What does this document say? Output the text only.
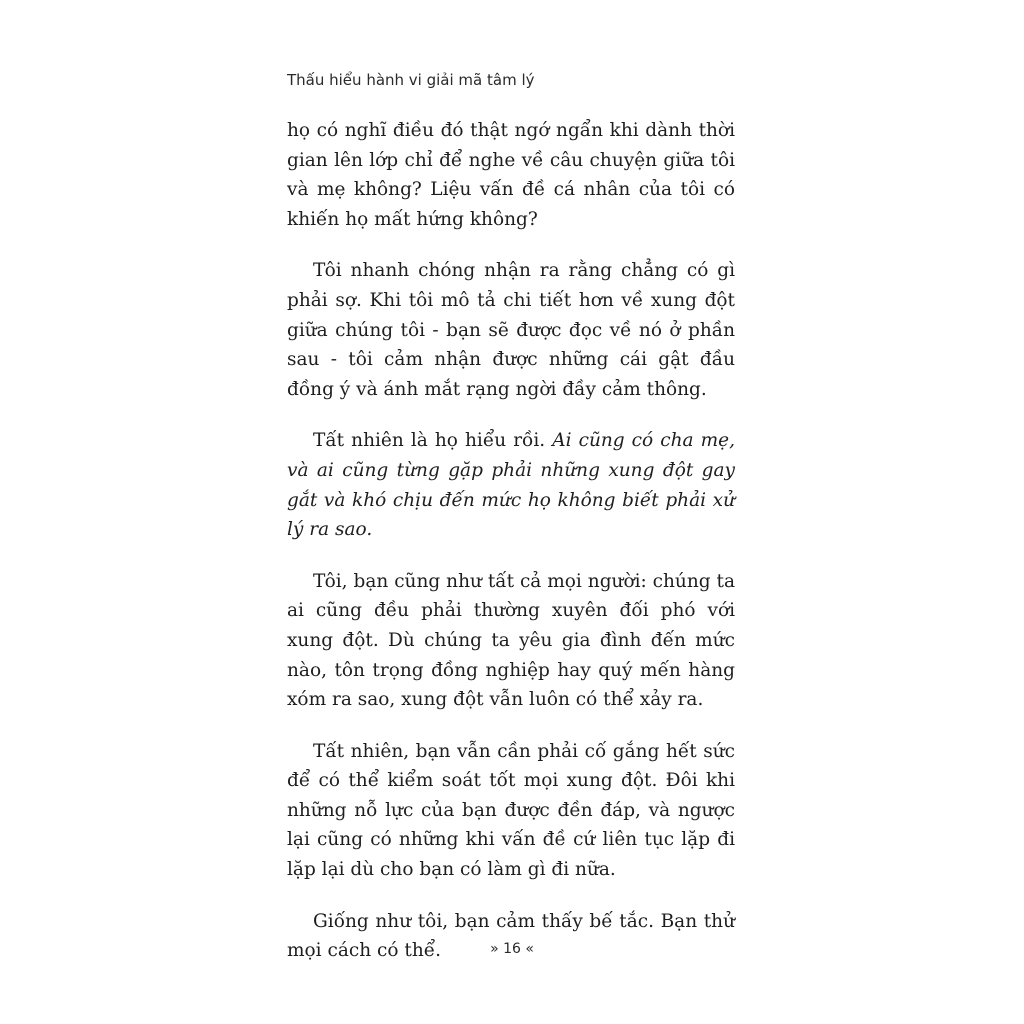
Thấu hiểu hành vi giải mã tâm lý

họ có nghĩ điều đó thật ngớ ngẩn khi dành thời gian lên lớp chỉ để nghe về câu chuyện giữa tôi và mẹ không? Liệu vấn đề cá nhân của tôi có khiến họ mất hứng không?

Tôi nhanh chóng nhận ra rằng chẳng có gì phải sợ. Khi tôi mô tả chi tiết hơn về xung đột giữa chúng tôi - bạn sẽ được đọc về nó ở phần sau - tôi cảm nhận được những cái gật đầu đồng ý và ánh mắt rạng ngời đầy cảm thông.

Tất nhiên là họ hiểu rồi. Ai cũng có cha mẹ, và ai cũng từng gặp phải những xung đột gay gắt và khó chịu đến mức họ không biết phải xử lý ra sao.

Tôi, bạn cũng như tất cả mọi người: chúng ta ai cũng đều phải thường xuyên đối phó với xung đột. Dù chúng ta yêu gia đình đến mức nào, tôn trọng đồng nghiệp hay quý mến hàng xóm ra sao, xung đột vẫn luôn có thể xảy ra.

Tất nhiên, bạn vẫn cần phải cố gắng hết sức để có thể kiểm soát tốt mọi xung đột. Đôi khi những nỗ lực của bạn được đền đáp, và ngược lại cũng có những khi vấn đề cứ liên tục lặp đi lặp lại dù cho bạn có làm gì đi nữa.

Giống như tôi, bạn cảm thấy bế tắc. Bạn thử mọi cách có thể.	» 16 «
